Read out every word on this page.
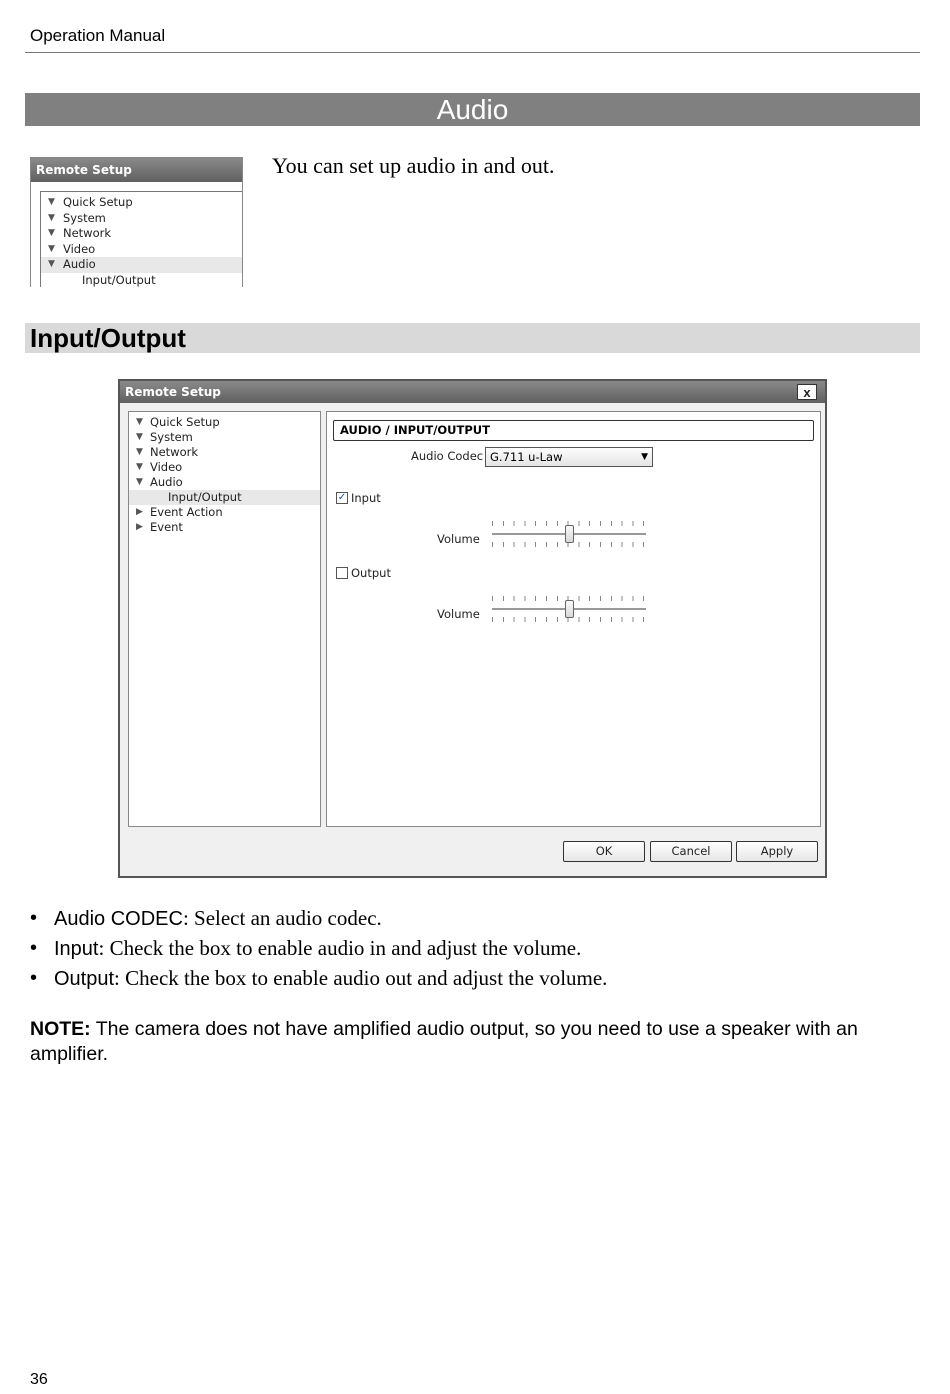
Operation Manual
Audio
Remote Setup
▼ Quick Setup
▼ System
▼ Network
▼ Video
▼ Audio
Input/Output
You can set up audio in and out.
Input/Output
Remote Setup	x
▼ Quick Setup
▼ System
▼ Network
▼ Video
▼ Audio
Input/Output
▶ Event Action
▶ Event
AUDIO / INPUT/OUTPUT
Audio Codec G.711 u-Law	▼
✓ Input
Volume
Output
Volume
OK	Cancel	Apply
• Audio CODEC: Select an audio codec.
• Input: Check the box to enable audio in and adjust the volume.
• Output: Check the box to enable audio out and adjust the volume.
NOTE: The camera does not have amplified audio output, so you need to use a speaker with an amplifier.
36
